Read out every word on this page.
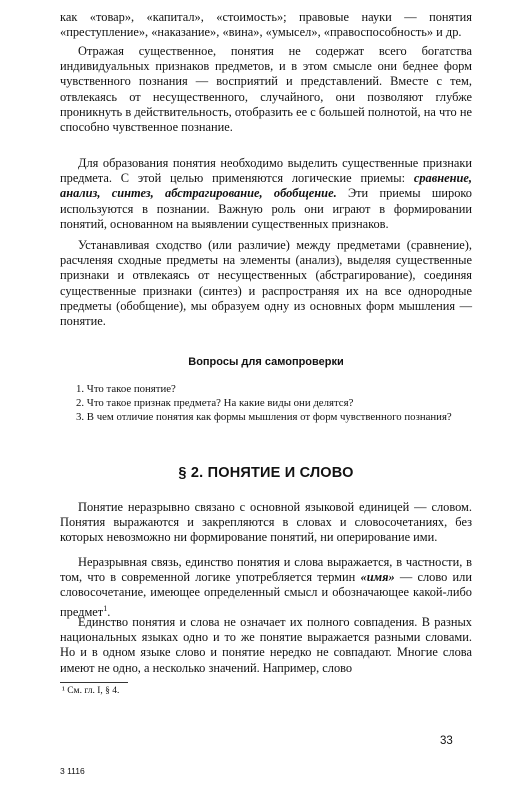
как «товар», «капитал», «стоимость»; правовые науки — понятия «преступление», «наказание», «вина», «умысел», «правоспособность» и др.

Отражая существенное, понятия не содержат всего богатства индивидуальных признаков предметов, и в этом смысле они беднее форм чувственного познания — восприятий и представлений. Вместе с тем, отвлекаясь от несущественного, случайного, они позволяют глубже проникнуть в действительность, отобразить ее с большей полнотой, на что не способно чувственное познание.

Для образования понятия необходимо выделить существенные признаки предмета. С этой целью применяются логические приемы: сравнение, анализ, синтез, абстрагирование, обобщение. Эти приемы широко используются в познании. Важную роль они играют в формировании понятий, основанном на выявлении существенных признаков.

Устанавливая сходство (или различие) между предметами (сравнение), расчленяя сходные предметы на элементы (анализ), выделяя существенные признаки и отвлекаясь от несущественных (абстрагирование), соединяя существенные признаки (синтез) и распространяя их на все однородные предметы (обобщение), мы образуем одну из основных форм мышления — понятие.

Вопросы для самопроверки

1. Что такое понятие?

2. Что такое признак предмета? На какие виды они делятся?

3. В чем отличие понятия как формы мышления от форм чувственного познания?

§ 2. ПОНЯТИЕ И СЛОВО

Понятие неразрывно связано с основной языковой единицей — словом. Понятия выражаются и закрепляются в словах и словосочетаниях, без которых невозможно ни формирование понятий, ни оперирование ими.

Неразрывная связь, единство понятия и слова выражается, в частности, в том, что в современной логике употребляется термин «имя» — слово или словосочетание, имеющее определенный смысл и обозначающее какой-либо предмет$^1$.

Единство понятия и слова не означает их полного совпадения. В разных национальных языках одно и то же понятие выражается разными словами. Но и в одном языке слово и понятие нередко не совпадают. Многие слова имеют не одно, а несколько значений. Например, слово

¹ См. гл. I, § 4.
33
3 1116
